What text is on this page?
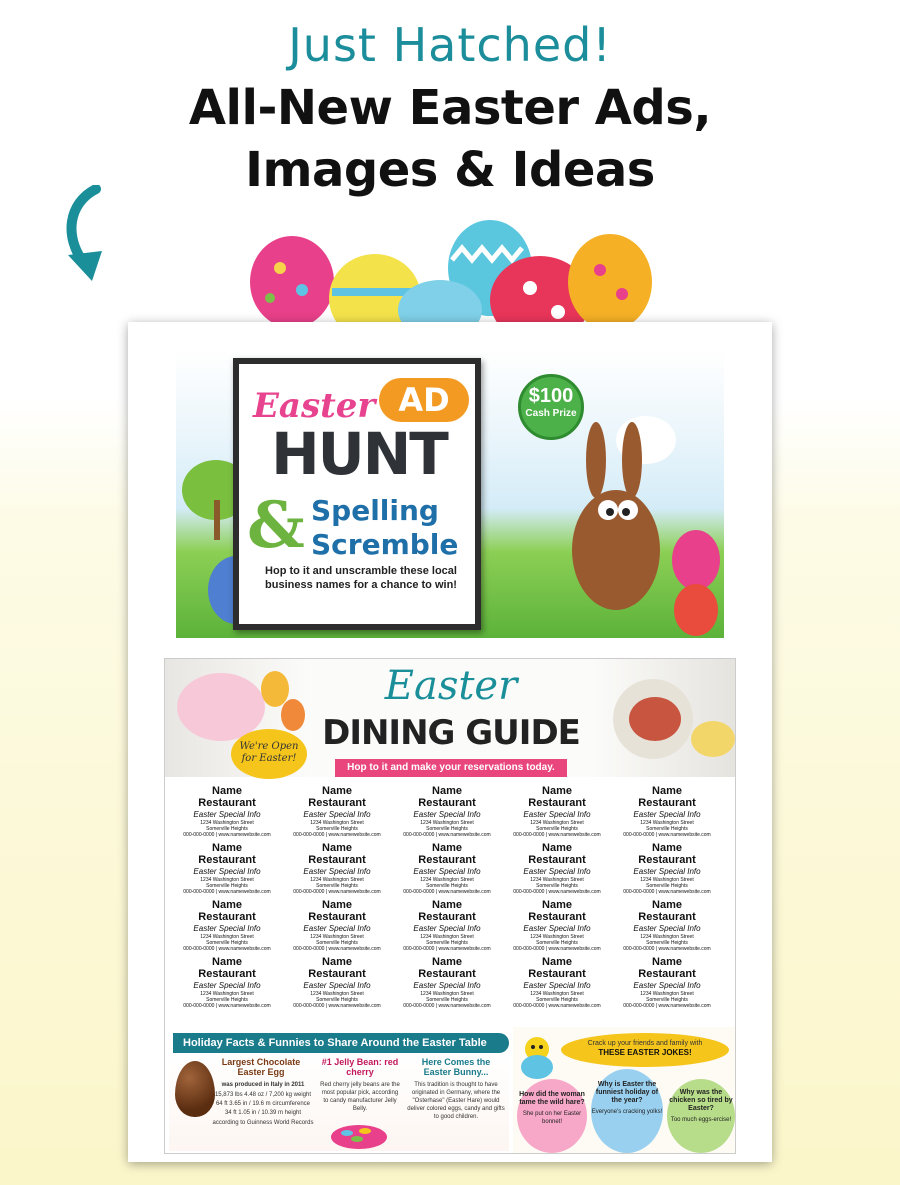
Just Hatched!
All-New Easter Ads,
Images & Ideas
Easter AD
HUNT
& Spelling
Scremble
Hop to it and unscramble these local business names for a chance to win!
$100
Cash Prize
Easter
DINING GUIDE
We're Open for Easter!
Hop to it and make your reservations today.
Name
Restaurant
Easter Special Info
1234 Washington Street
Somerville Heights
000-000-0000 | www.namewebsite.com
Name
Restaurant
Easter Special Info
1234 Washington Street
Somerville Heights
000-000-0000 | www.namewebsite.com
Name
Restaurant
Easter Special Info
1234 Washington Street
Somerville Heights
000-000-0000 | www.namewebsite.com
Name
Restaurant
Easter Special Info
1234 Washington Street
Somerville Heights
000-000-0000 | www.namewebsite.com
Name
Restaurant
Easter Special Info
1234 Washington Street
Somerville Heights
000-000-0000 | www.namewebsite.com
Name
Restaurant
Easter Special Info
1234 Washington Street
Somerville Heights
000-000-0000 | www.namewebsite.com
Name
Restaurant
Easter Special Info
1234 Washington Street
Somerville Heights
000-000-0000 | www.namewebsite.com
Name
Restaurant
Easter Special Info
1234 Washington Street
Somerville Heights
000-000-0000 | www.namewebsite.com
Name
Restaurant
Easter Special Info
1234 Washington Street
Somerville Heights
000-000-0000 | www.namewebsite.com
Name
Restaurant
Easter Special Info
1234 Washington Street
Somerville Heights
000-000-0000 | www.namewebsite.com
Name
Restaurant
Easter Special Info
1234 Washington Street
Somerville Heights
000-000-0000 | www.namewebsite.com
Name
Restaurant
Easter Special Info
1234 Washington Street
Somerville Heights
000-000-0000 | www.namewebsite.com
Name
Restaurant
Easter Special Info
1234 Washington Street
Somerville Heights
000-000-0000 | www.namewebsite.com
Name
Restaurant
Easter Special Info
1234 Washington Street
Somerville Heights
000-000-0000 | www.namewebsite.com
Name
Restaurant
Easter Special Info
1234 Washington Street
Somerville Heights
000-000-0000 | www.namewebsite.com
Name
Restaurant
Easter Special Info
1234 Washington Street
Somerville Heights
000-000-0000 | www.namewebsite.com
Name
Restaurant
Easter Special Info
1234 Washington Street
Somerville Heights
000-000-0000 | www.namewebsite.com
Name
Restaurant
Easter Special Info
1234 Washington Street
Somerville Heights
000-000-0000 | www.namewebsite.com
Name
Restaurant
Easter Special Info
1234 Washington Street
Somerville Heights
000-000-0000 | www.namewebsite.com
Name
Restaurant
Easter Special Info
1234 Washington Street
Somerville Heights
000-000-0000 | www.namewebsite.com
Holiday Facts & Funnies to Share Around the Easter Table
Largest Chocolate Easter Egg
was produced in Italy in 2011
15,873 lbs 4.48 oz / 7,200 kg weight
64 ft 3.65 in / 19.6 m circumference
34 ft 1.05 in / 10.39 m height
according to Guinness World Records
#1 Jelly Bean: red cherry
Red cherry jelly beans are the most popular pick, according to candy manufacturer Jelly Belly.
Here Comes the Easter Bunny...
This tradition is thought to have originated in Germany, where the "Osterhase" (Easter Hare) would deliver colored eggs, candy and gifts to good children.
Crack up your friends and family with
THESE EASTER JOKES!
How did the woman tame the wild hare?
She put on her Easter bonnet!
Why is Easter the funniest holiday of the year?
Everyone's cracking yolks!
Why was the chicken so tired by Easter?
Too much eggs-ercise!
